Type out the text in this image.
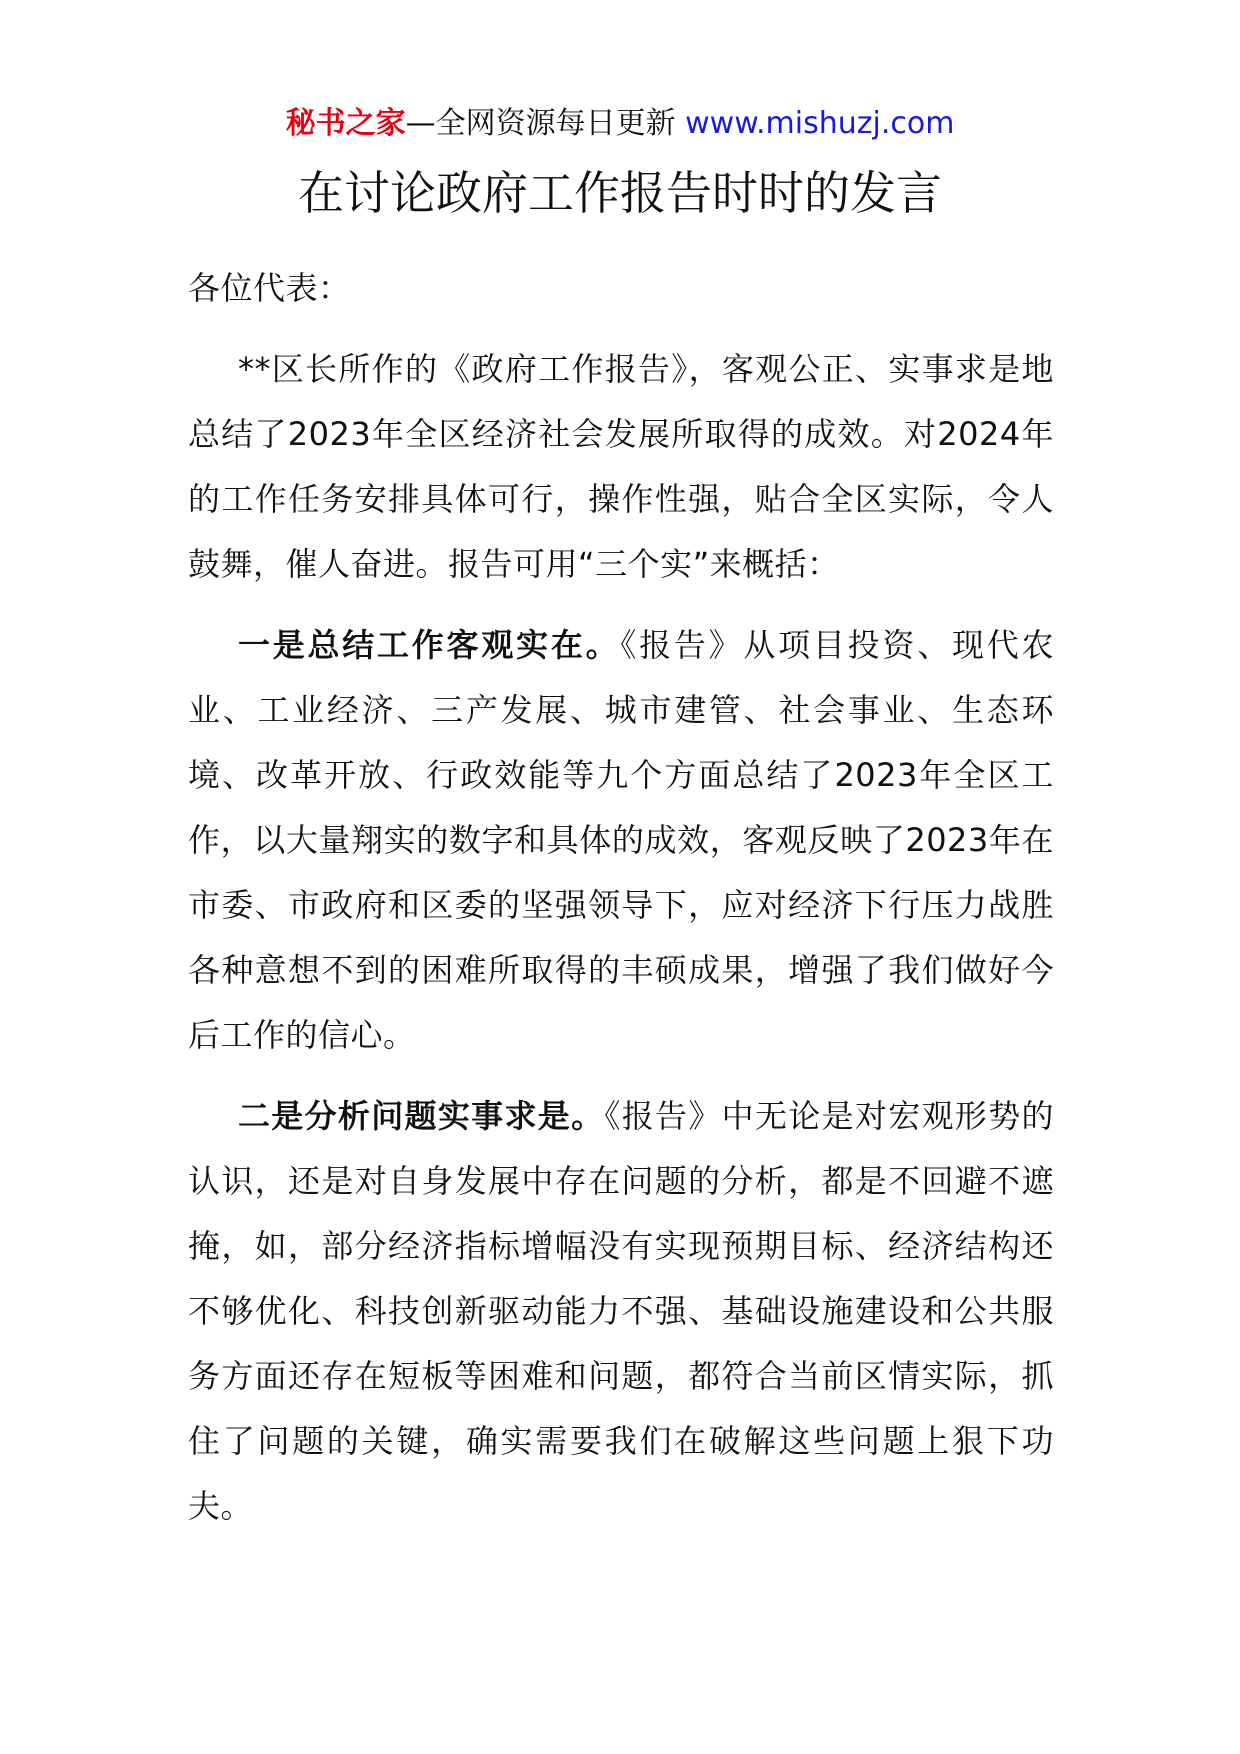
秘书之家—全网资源每日更新 www.mishuzj.com
在讨论政府工作报告时时的发言

各位代表：

**区长所作的《政府工作报告》，客观公正、实事求是地总结了2023年全区经济社会发展所取得的成效。对2024年的工作任务安排具体可行，操作性强，贴合全区实际，令人鼓舞，催人奋进。报告可用“三个实”来概括：

一是总结工作客观实在。《报告》从项目投资、现代农业、工业经济、三产发展、城市建管、社会事业、生态环境、改革开放、行政效能等九个方面总结了2023年全区工作，以大量翔实的数字和具体的成效，客观反映了2023年在市委、市政府和区委的坚强领导下，应对经济下行压力战胜各种意想不到的困难所取得的丰硕成果，增强了我们做好今后工作的信心。

二是分析问题实事求是。《报告》中无论是对宏观形势的认识，还是对自身发展中存在问题的分析，都是不回避不遮掩，如，部分经济指标增幅没有实现预期目标、经济结构还不够优化、科技创新驱动能力不强、基础设施建设和公共服务方面还存在短板等困难和问题，都符合当前区情实际，抓住了问题的关键，确实需要我们在破解这些问题上狠下功夫。
